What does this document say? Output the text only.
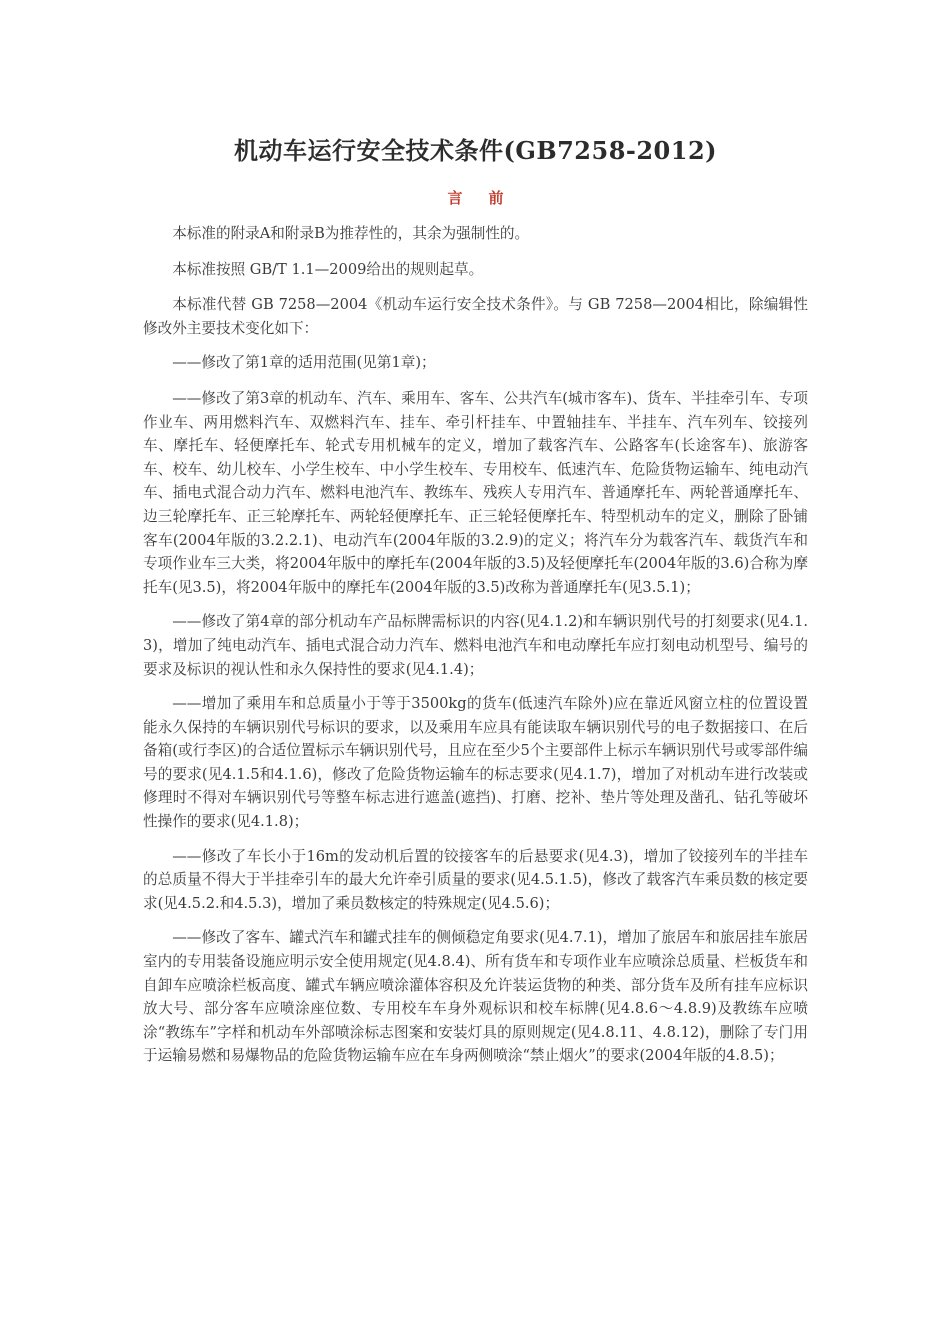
机动车运行安全技术条件(GB7258-2012)
言前

本标准的附录A和附录B为推荐性的，其余为强制性的。

本标准按照 GB/T 1.1—2009给出的规则起草。

本标准代替 GB 7258—2004《机动车运行安全技术条件》。与 GB 7258—2004相比，除编辑性修改外主要技术变化如下：

——修改了第1章的适用范围(见第1章)；

——修改了第3章的机动车、汽车、乘用车、客车、公共汽车(城市客车)、货车、半挂牵引车、专项作业车、两用燃料汽车、双燃料汽车、挂车、牵引杆挂车、中置轴挂车、半挂车、汽车列车、铰接列车、摩托车、轻便摩托车、轮式专用机械车的定义，增加了载客汽车、公路客车(长途客车)、旅游客车、校车、幼儿校车、小学生校车、中小学生校车、专用校车、低速汽车、危险货物运输车、纯电动汽车、插电式混合动力汽车、燃料电池汽车、教练车、残疾人专用汽车、普通摩托车、两轮普通摩托车、边三轮摩托车、正三轮摩托车、两轮轻便摩托车、正三轮轻便摩托车、特型机动车的定义，删除了卧铺客车(2004年版的3.2.2.1)、电动汽车(2004年版的3.2.9)的定义；将汽车分为载客汽车、载货汽车和专项作业车三大类，将2004年版中的摩托车(2004年版的3.5)及轻便摩托车(2004年版的3.6)合称为摩托车(见3.5)，将2004年版中的摩托车(2004年版的3.5)改称为普通摩托车(见3.5.1)；

——修改了第4章的部分机动车产品标牌需标识的内容(见4.1.2)和车辆识别代号的打刻要求(见4.1.3)，增加了纯电动汽车、插电式混合动力汽车、燃料电池汽车和电动摩托车应打刻电动机型号、编号的要求及标识的视认性和永久保持性的要求(见4.1.4)；

——增加了乘用车和总质量小于等于3500kg的货车(低速汽车除外)应在靠近风窗立柱的位置设置能永久保持的车辆识别代号标识的要求，以及乘用车应具有能读取车辆识别代号的电子数据接口、在后备箱(或行李区)的合适位置标示车辆识别代号，且应在至少5个主要部件上标示车辆识别代号或零部件编号的要求(见4.1.5和4.1.6)，修改了危险货物运输车的标志要求(见4.1.7)，增加了对机动车进行改装或修理时不得对车辆识别代号等整车标志进行遮盖(遮挡)、打磨、挖补、垫片等处理及凿孔、钻孔等破坏性操作的要求(见4.1.8)；

——修改了车长小于16m的发动机后置的铰接客车的后悬要求(见4.3)，增加了铰接列车的半挂车的总质量不得大于半挂牵引车的最大允许牵引质量的要求(见4.5.1.5)，修改了载客汽车乘员数的核定要求(见4.5.2.和4.5.3)，增加了乘员数核定的特殊规定(见4.5.6)；

——修改了客车、罐式汽车和罐式挂车的侧倾稳定角要求(见4.7.1)，增加了旅居车和旅居挂车旅居室内的专用装备设施应明示安全使用规定(见4.8.4)、所有货车和专项作业车应喷涂总质量、栏板货车和自卸车应喷涂栏板高度、罐式车辆应喷涂灌体容积及允许装运货物的种类、部分货车及所有挂车应标识放大号、部分客车应喷涂座位数、专用校车车身外观标识和校车标牌(见4.8.6～4.8.9)及教练车应喷涂“教练车”字样和机动车外部喷涂标志图案和安装灯具的原则规定(见4.8.11、4.8.12)，删除了专门用于运输易燃和易爆物品的危险货物运输车应在车身两侧喷涂“禁止烟火”的要求(2004年版的4.8.5)；
